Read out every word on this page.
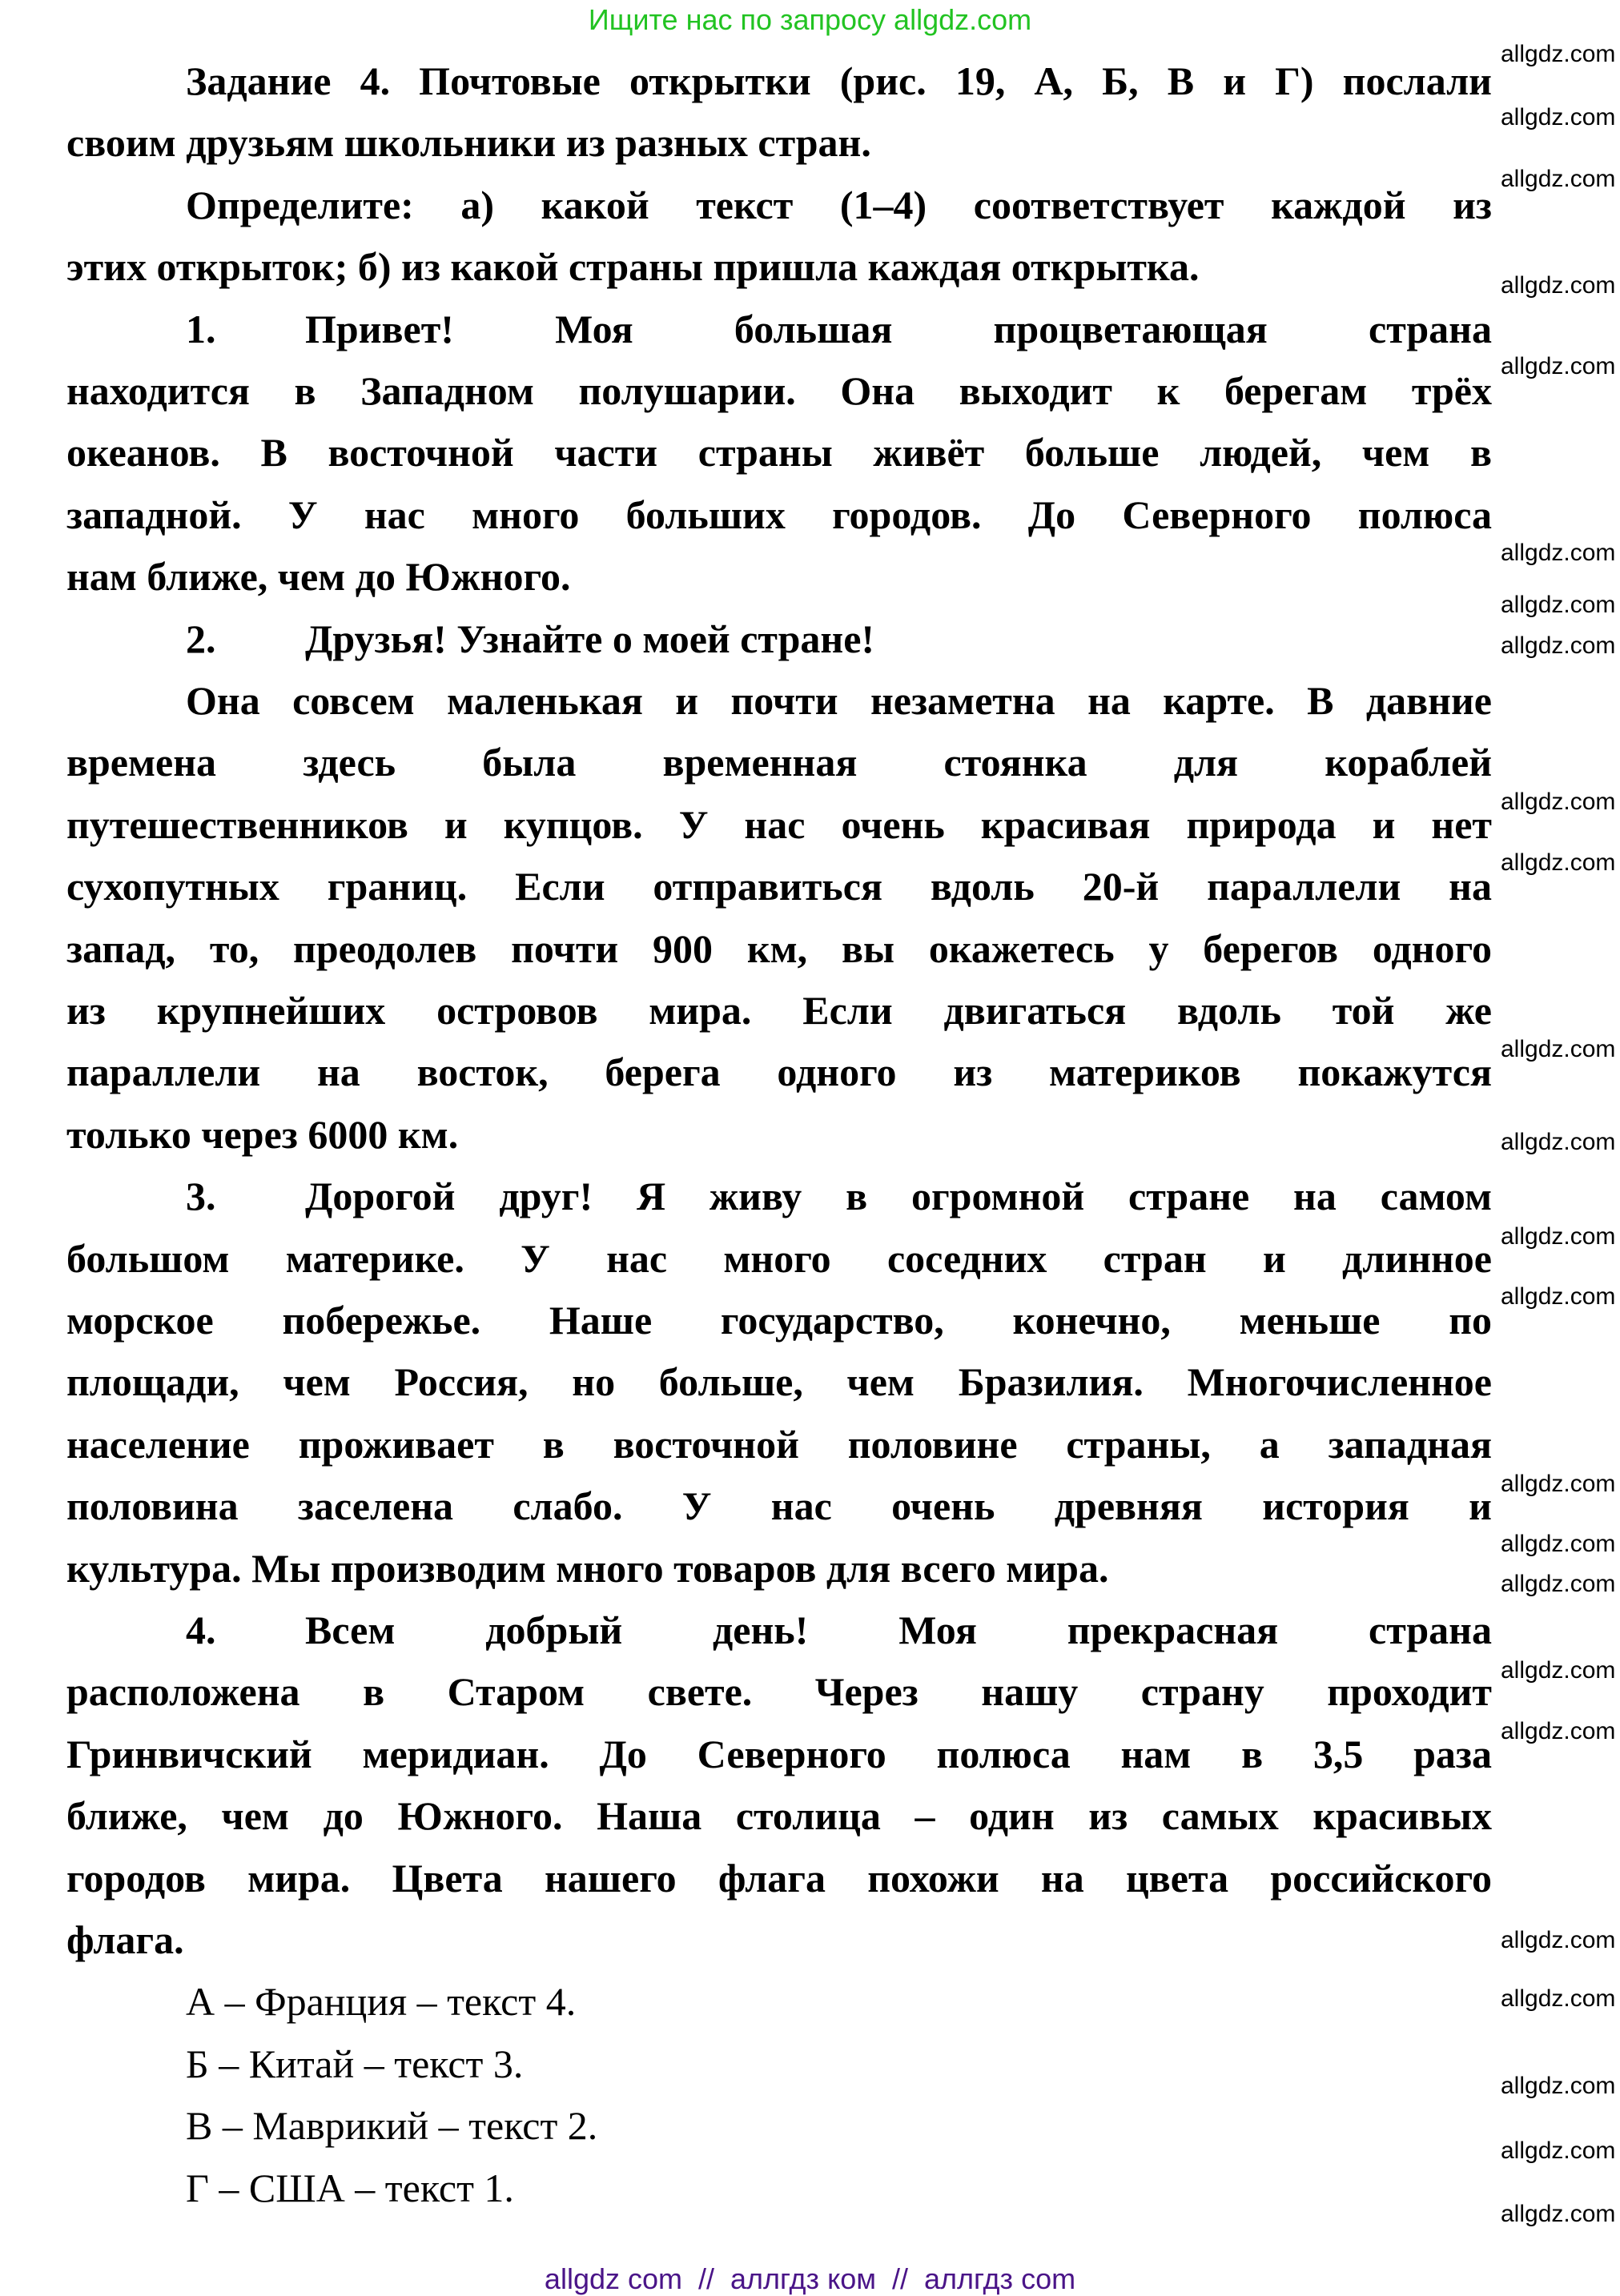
Ищите нас по запросу allgdz.com
Задание 4. Почтовые открытки (рис. 19, А, Б, В и Г) послали
своим друзьям школьники из разных стран.
Определите: а) какой текст (1–4) соответствует каждой из
этих открыток; б) из какой страны пришла каждая открытка.
1. Привет! Моя большая процветающая страна
находится в Западном полушарии. Она выходит к берегам трёх
океанов. В восточной части страны живёт больше людей, чем в
западной. У нас много больших городов. До Северного полюса
нам ближе, чем до Южного.
2. Друзья! Узнайте о моей стране!
Она совсем маленькая и почти незаметна на карте. В давние
времена здесь была временная стоянка для кораблей
путешественников и купцов. У нас очень красивая природа и нет
сухопутных границ. Если отправиться вдоль 20-й параллели на
запад, то, преодолев почти 900 км, вы окажетесь у берегов одного
из крупнейших островов мира. Если двигаться вдоль той же
параллели на восток, берега одного из материков покажутся
только через 6000 км.
3. Дорогой друг! Я живу в огромной стране на самом
большом материке. У нас много соседних стран и длинное
морское побережье. Наше государство, конечно, меньше по
площади, чем Россия, но больше, чем Бразилия. Многочисленное
население проживает в восточной половине страны, а западная
половина заселена слабо. У нас очень древняя история и
культура. Мы производим много товаров для всего мира.
4. Всем добрый день! Моя прекрасная страна
расположена в Старом свете. Через нашу страну проходит
Гринвичский меридиан. До Северного полюса нам в 3,5 раза
ближе, чем до Южного. Наша столица – один из самых красивых
городов мира. Цвета нашего флага похожи на цвета российского
флага.
А – Франция – текст 4.
Б – Китай – текст 3.
В – Маврикий – текст 2.
Г – США – текст 1.
allgdz.com
allgdz.com
allgdz.com
allgdz.com
allgdz.com
allgdz.com
allgdz.com
allgdz.com
allgdz.com
allgdz.com
allgdz.com
allgdz.com
allgdz.com
allgdz.com
allgdz.com
allgdz.com
allgdz.com
allgdz.com
allgdz.com
allgdz.com
allgdz.com
allgdz.com
allgdz.com
allgdz.com
allgdz com  //  аллгдз ком  //  аллгдз com
